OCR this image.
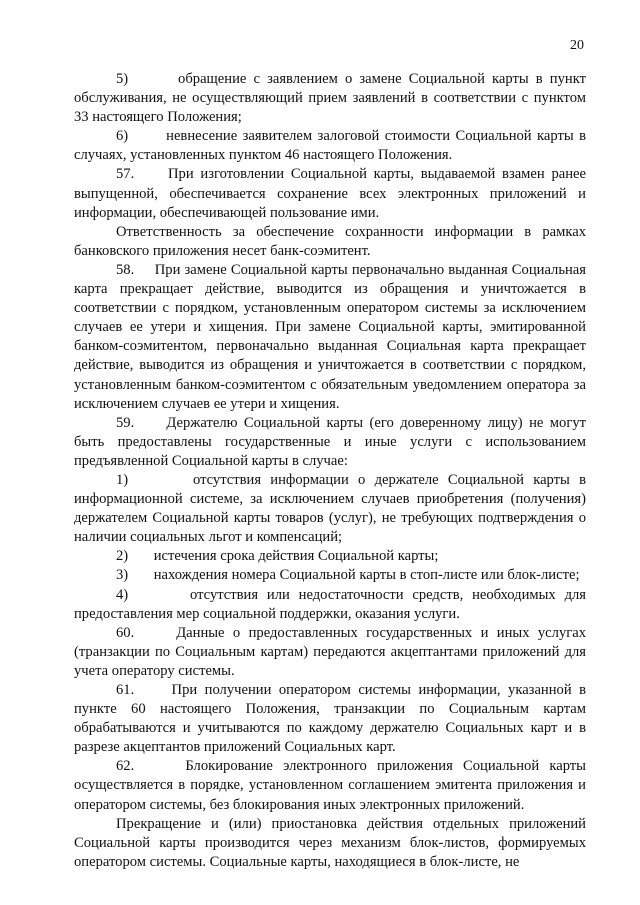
20

5)       обращение с заявлением о замене Социальной карты в пункт обслуживания, не осуществляющий прием заявлений в соответствии с пунктом 33 настоящего Положения;

6)       невнесение заявителем залоговой стоимости Социальной карты в случаях, установленных пунктом 46 настоящего Положения.

57.     При изготовлении Социальной карты, выдаваемой взамен ранее выпущенной, обеспечивается сохранение всех электронных приложений и информации, обеспечивающей пользование ими.

Ответственность за обеспечение сохранности информации в рамках банковского приложения несет банк-соэмитент.

58.     При замене Социальной карты первоначально выданная Социальная карта прекращает действие, выводится из обращения и уничтожается в соответствии с порядком, установленным оператором системы за исключением случаев ее утери и хищения. При замене Социальной карты, эмитированной банком-соэмитентом, первоначально выданная Социальная карта прекращает действие, выводится из обращения и уничтожается в соответствии с порядком, установленным банком-соэмитентом с обязательным уведомлением оператора за исключением случаев ее утери и хищения.

59.     Держателю Социальной карты (его доверенному лицу) не могут быть предоставлены государственные и иные услуги с использованием предъявленной Социальной карты в случае:

1)       отсутствия информации о держателе Социальной карты в информационной системе, за исключением случаев приобретения (получения) держателем Социальной карты товаров (услуг), не требующих подтверждения о наличии социальных льгот и компенсаций;

2)       истечения срока действия Социальной карты;

3)       нахождения номера Социальной карты в стоп-листе или блок-листе;

4)       отсутствия или недостаточности средств, необходимых для предоставления мер социальной поддержки, оказания услуги.

60.     Данные о предоставленных государственных и иных услугах (транзакции по Социальным картам) передаются акцептантами приложений для учета оператору системы.

61.     При получении оператором системы информации, указанной в пункте 60 настоящего Положения, транзакции по Социальным картам обрабатываются и учитываются по каждому держателю Социальных карт и в разрезе акцептантов приложений Социальных карт.

62.     Блокирование электронного приложения Социальной карты осуществляется в порядке, установленном соглашением эмитента приложения и оператором системы, без блокирования иных электронных приложений.

Прекращение и (или) приостановка действия отдельных приложений Социальной карты производится через механизм блок-листов, формируемых оператором системы. Социальные карты, находящиеся в блок-листе, не
